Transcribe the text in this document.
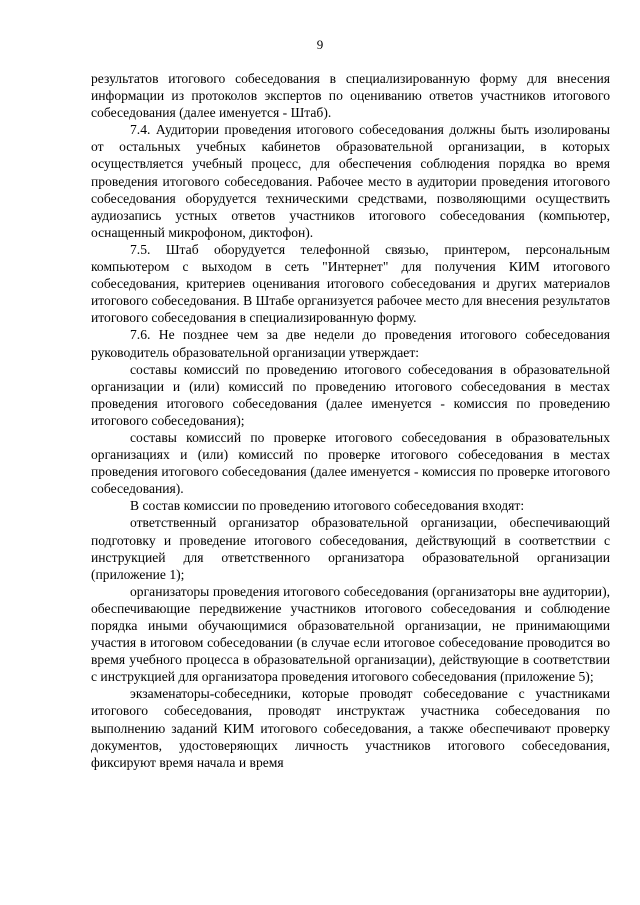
9

результатов итогового собеседования в специализированную форму для внесения информации из протоколов экспертов по оцениванию ответов участников итогового собеседования (далее именуется - Штаб).

7.4. Аудитории проведения итогового собеседования должны быть изолированы от остальных учебных кабинетов образовательной организации, в которых осуществляется учебный процесс, для обеспечения соблюдения порядка во время проведения итогового собеседования. Рабочее место в аудитории проведения итогового собеседования оборудуется техническими средствами, позволяющими осуществить аудиозапись устных ответов участников итогового собеседования (компьютер, оснащенный микрофоном, диктофон).

7.5. Штаб оборудуется телефонной связью, принтером, персональным компьютером с выходом в сеть "Интернет" для получения КИМ итогового собеседования, критериев оценивания итогового собеседования и других материалов итогового собеседования. В Штабе организуется рабочее место для внесения результатов итогового собеседования в специализированную форму.

7.6. Не позднее чем за две недели до проведения итогового собеседования руководитель образовательной организации утверждает:

составы комиссий по проведению итогового собеседования в образовательной организации и (или) комиссий по проведению итогового собеседования в местах проведения итогового собеседования (далее именуется - комиссия по проведению итогового собеседования);

составы комиссий по проверке итогового собеседования в образовательных организациях и (или) комиссий по проверке итогового собеседования в местах проведения итогового собеседования (далее именуется - комиссия по проверке итогового собеседования).

В состав комиссии по проведению итогового собеседования входят:

ответственный организатор образовательной организации, обеспечивающий подготовку и проведение итогового собеседования, действующий в соответствии с инструкцией для ответственного организатора образовательной организации (приложение 1);

организаторы проведения итогового собеседования (организаторы вне аудитории), обеспечивающие передвижение участников итогового собеседования и соблюдение порядка иными обучающимися образовательной организации, не принимающими участия в итоговом собеседовании (в случае если итоговое собеседование проводится во время учебного процесса в образовательной организации), действующие в соответствии с инструкцией для организатора проведения итогового собеседования (приложение 5);

экзаменаторы-собеседники, которые проводят собеседование с участниками итогового собеседования, проводят инструктаж участника собеседования по выполнению заданий КИМ итогового собеседования, а также обеспечивают проверку документов, удостоверяющих личность участников итогового собеседования, фиксируют время начала и время
